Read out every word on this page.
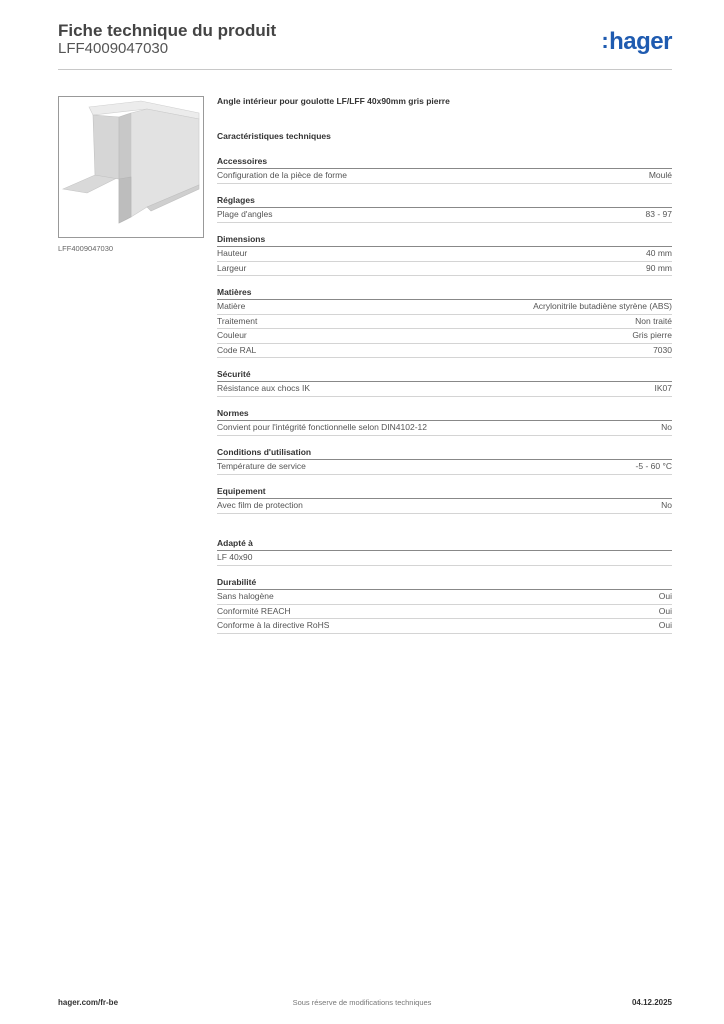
Fiche technique du produit
LFF4009047030	:hager
LFF4009047030
Angle intérieur pour goulotte LF/LFF 40x90mm gris pierre
Caractéristiques techniques
Accessoires
Configuration de la pièce de forme	Moulé
Réglages
Plage d'angles	83 - 97
Dimensions
Hauteur	40 mm
Largeur	90 mm
Matières
Matière	Acrylonitrile butadiène styrène (ABS)
Traitement	Non traité
Couleur	Gris pierre
Code RAL	7030
Sécurité
Résistance aux chocs IK	IK07
Normes
Convient pour l'intégrité fonctionnelle selon DIN4102-12	No
Conditions d'utilisation
Température de service	-5 - 60 °C
Equipement
Avec film de protection	No
Adapté à
LF 40x90
Durabilité
Sans halogène	Oui
Conformité REACH	Oui
Conforme à la directive RoHS	Oui
hager.com/fr-be	Sous réserve de modifications techniques	04.12.2025
